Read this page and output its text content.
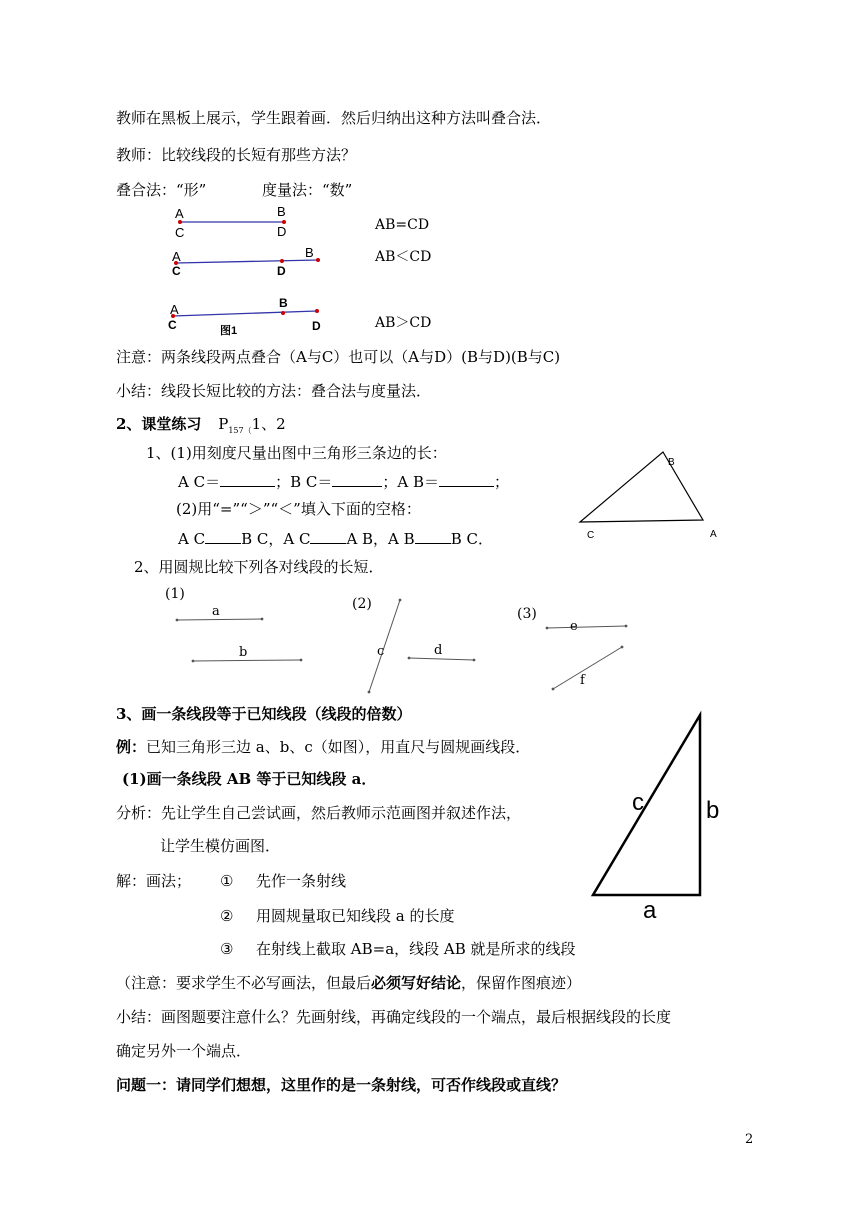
教师在黑板上展示，学生跟着画．然后归纳出这种方法叫叠合法．
教师：比较线段的长短有那些方法？
叠合法：“形”	度量法：“数”
A
C
B
D
A
C
B
D
A
C
B
图1	D
AB=CD
AB＜CD
AB＞CD
注意：两条线段两点叠合（A与C）也可以（A与D）(B与D)(B与C)
小结：线段长短比较的方法：叠合法与度量法．
2、课堂练习 $P_{157(}1$、2
1、(1)用刻度尺量出图中三角形三条边的长：
A C＝	；B C＝	；A B＝	；
(2)用“=”“＞”“＜”填入下面的空格：
A C B C，A C A B，A B B C．
B
C	A
2、用圆规比较下列各对线段的长短．
(1)
a
b
(2)
c	d
(3)
e
f
3、画一条线段等于已知线段（线段的倍数）
例：已知三角形三边 a、b、c（如图），用直尺与圆规画线段．
(1)画一条线段 AB 等于已知线段 a．
分析：先让学生自己尝试画，然后教师示范画图并叙述作法，
让学生模仿画图．
解：画法； ① 先作一条射线
② 用圆规量取已知线段 a 的长度
③ 在射线上截取 AB=a，线段 AB 就是所求的线段
c	b
a
（注意：要求学生不必写画法，但最后必须写好结论，保留作图痕迹）
小结：画图题要注意什么？先画射线，再确定线段的一个端点，最后根据线段的长度
确定另外一个端点．
问题一：请同学们想想，这里作的是一条射线，可否作线段或直线？
2
